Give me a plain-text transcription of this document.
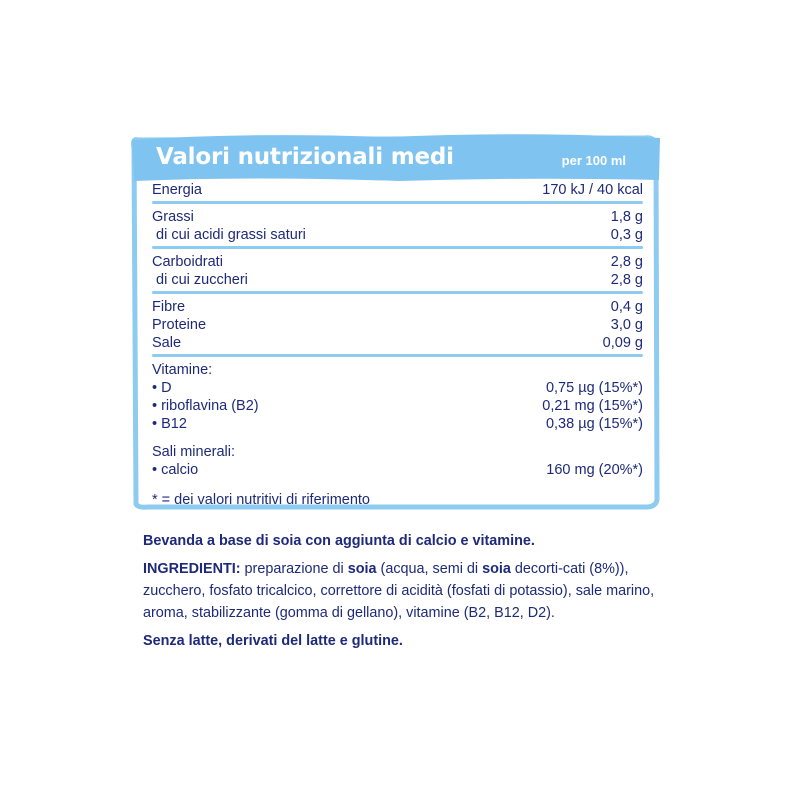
Valori nutrizionali medi	per 100 ml
Energia	170 kJ / 40 kcal
Grassi	1,8 g
di cui acidi grassi saturi	0,3 g
Carboidrati	2,8 g
di cui zuccheri	2,8 g
Fibre	0,4 g
Proteine	3,0 g
Sale	0,09 g
Vitamine:
• D	0,75 µg (15%*)
• riboflavina (B2)	0,21 mg (15%*)
• B12	0,38 µg (15%*)
Sali minerali:
• calcio	160 mg (20%*)
* = dei valori nutritivi di riferimento

Bevanda a base di soia con aggiunta di calcio e vitamine.

INGREDIENTI: preparazione di soia (acqua, semi di soia decorti-cati (8%)), zucchero, fosfato tricalcico, correttore di acidità (fosfati di potassio), sale marino, aroma, stabilizzante (gomma di gellano), vitamine (B2, B12, D2).

Senza latte, derivati del latte e glutine.
